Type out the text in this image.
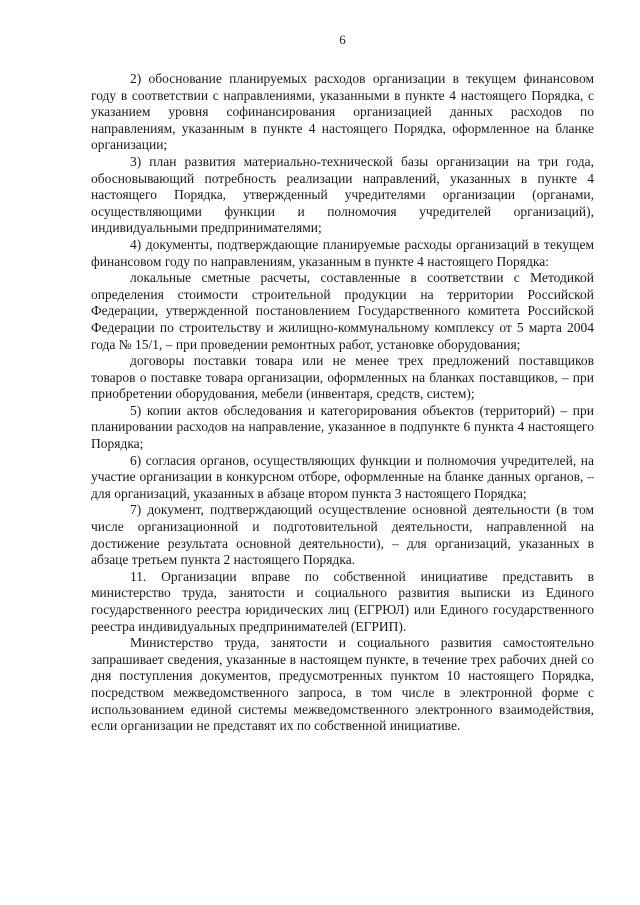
6

2) обоснование планируемых расходов организации в текущем финансовом году в соответствии с направлениями, указанными в пункте 4 настоящего Порядка, с указанием уровня софинансирования организацией данных расходов по направлениям, указанным в пункте 4 настоящего Порядка, оформленное на бланке организации;

3) план развития материально-технической базы организации на три года, обосновывающий потребность реализации направлений, указанных в пункте 4 настоящего Порядка, утвержденный учредителями организации (органами, осуществляющими функции и полномочия учредителей организаций), индивидуальными предпринимателями;

4) документы, подтверждающие планируемые расходы организаций в текущем финансовом году по направлениям, указанным в пункте 4 настоящего Порядка:

локальные сметные расчеты, составленные в соответствии с Методикой определения стоимости строительной продукции на территории Российской Федерации, утвержденной постановлением Государственного комитета Российской Федерации по строительству и жилищно-коммунальному комплексу от 5 марта 2004 года № 15/1, – при проведении ремонтных работ, установке оборудования;

договоры поставки товара или не менее трех предложений поставщиков товаров о поставке товара организации, оформленных на бланках поставщиков, – при приобретении оборудования, мебели (инвентаря, средств, систем);

5) копии актов обследования и категорирования объектов (территорий) – при планировании расходов на направление, указанное в подпункте 6 пункта 4 настоящего Порядка;

6) согласия органов, осуществляющих функции и полномочия учредителей, на участие организации в конкурсном отборе, оформленные на бланке данных органов, – для организаций, указанных в абзаце втором пункта 3 настоящего Порядка;

7) документ, подтверждающий осуществление основной деятельности (в том числе организационной и подготовительной деятельности, направленной на достижение результата основной деятельности), – для организаций, указанных в абзаце третьем пункта 2 настоящего Порядка.

11. Организации вправе по собственной инициативе представить в министерство труда, занятости и социального развития выписки из Единого государственного реестра юридических лиц (ЕГРЮЛ) или Единого государственного реестра индивидуальных предпринимателей (ЕГРИП).

Министерство труда, занятости и социального развития самостоятельно запрашивает сведения, указанные в настоящем пункте, в течение трех рабочих дней со дня поступления документов, предусмотренных пунктом 10 настоящего Порядка, посредством межведомственного запроса, в том числе в электронной форме с использованием единой системы межведомственного электронного взаимодействия, если организации не представят их по собственной инициативе.
